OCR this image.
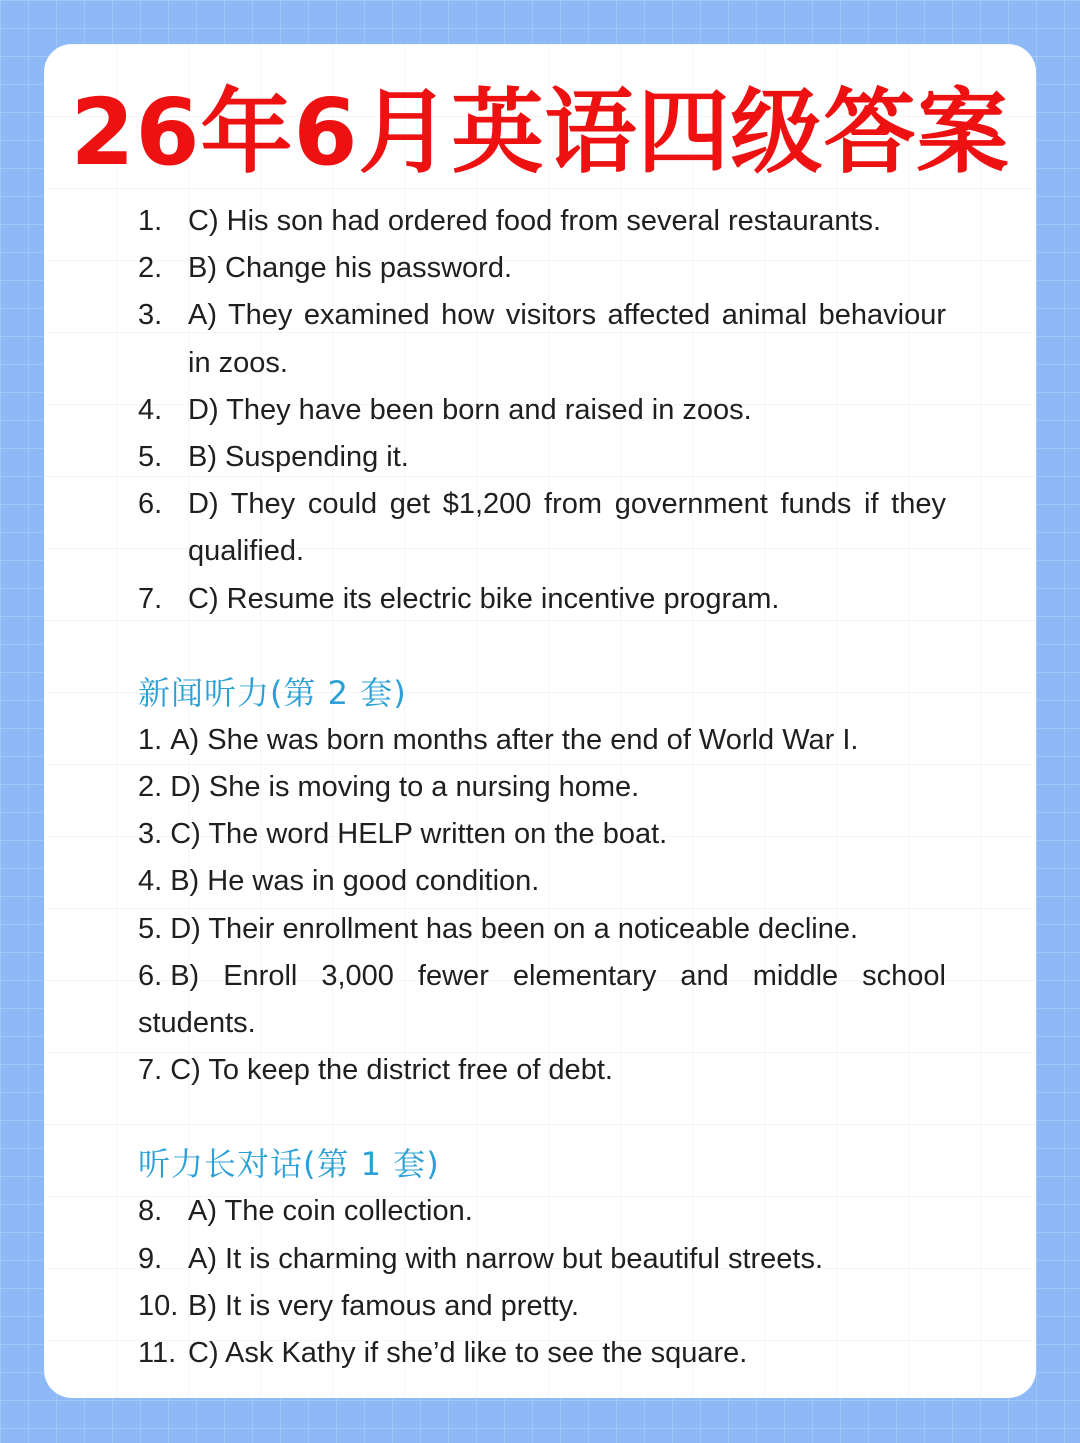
26年6月英语四级答案
1. C) His son had ordered food from several restaurants.
2. B) Change his password.
3. A) They examined how visitors affected animal behaviour in zoos.
4. D) They have been born and raised in zoos.
5. B) Suspending it.
6. D) They could get $1,200 from government funds if they qualified.
7. C) Resume its electric bike incentive program.
新闻听力(第 2 套)
1. A) She was born months after the end of World War I.
2. D) She is moving to a nursing home.
3. C) The word HELP written on the boat.
4. B) He was in good condition.
5. D) Their enrollment has been on a noticeable decline.
6. B) Enroll 3,000 fewer elementary and middle school students.
7. C) To keep the district free of debt.
听力长对话(第 1 套)
8. A) The coin collection.
9. A) It is charming with narrow but beautiful streets.
10. B) It is very famous and pretty.
11. C) Ask Kathy if she’d like to see the square.
